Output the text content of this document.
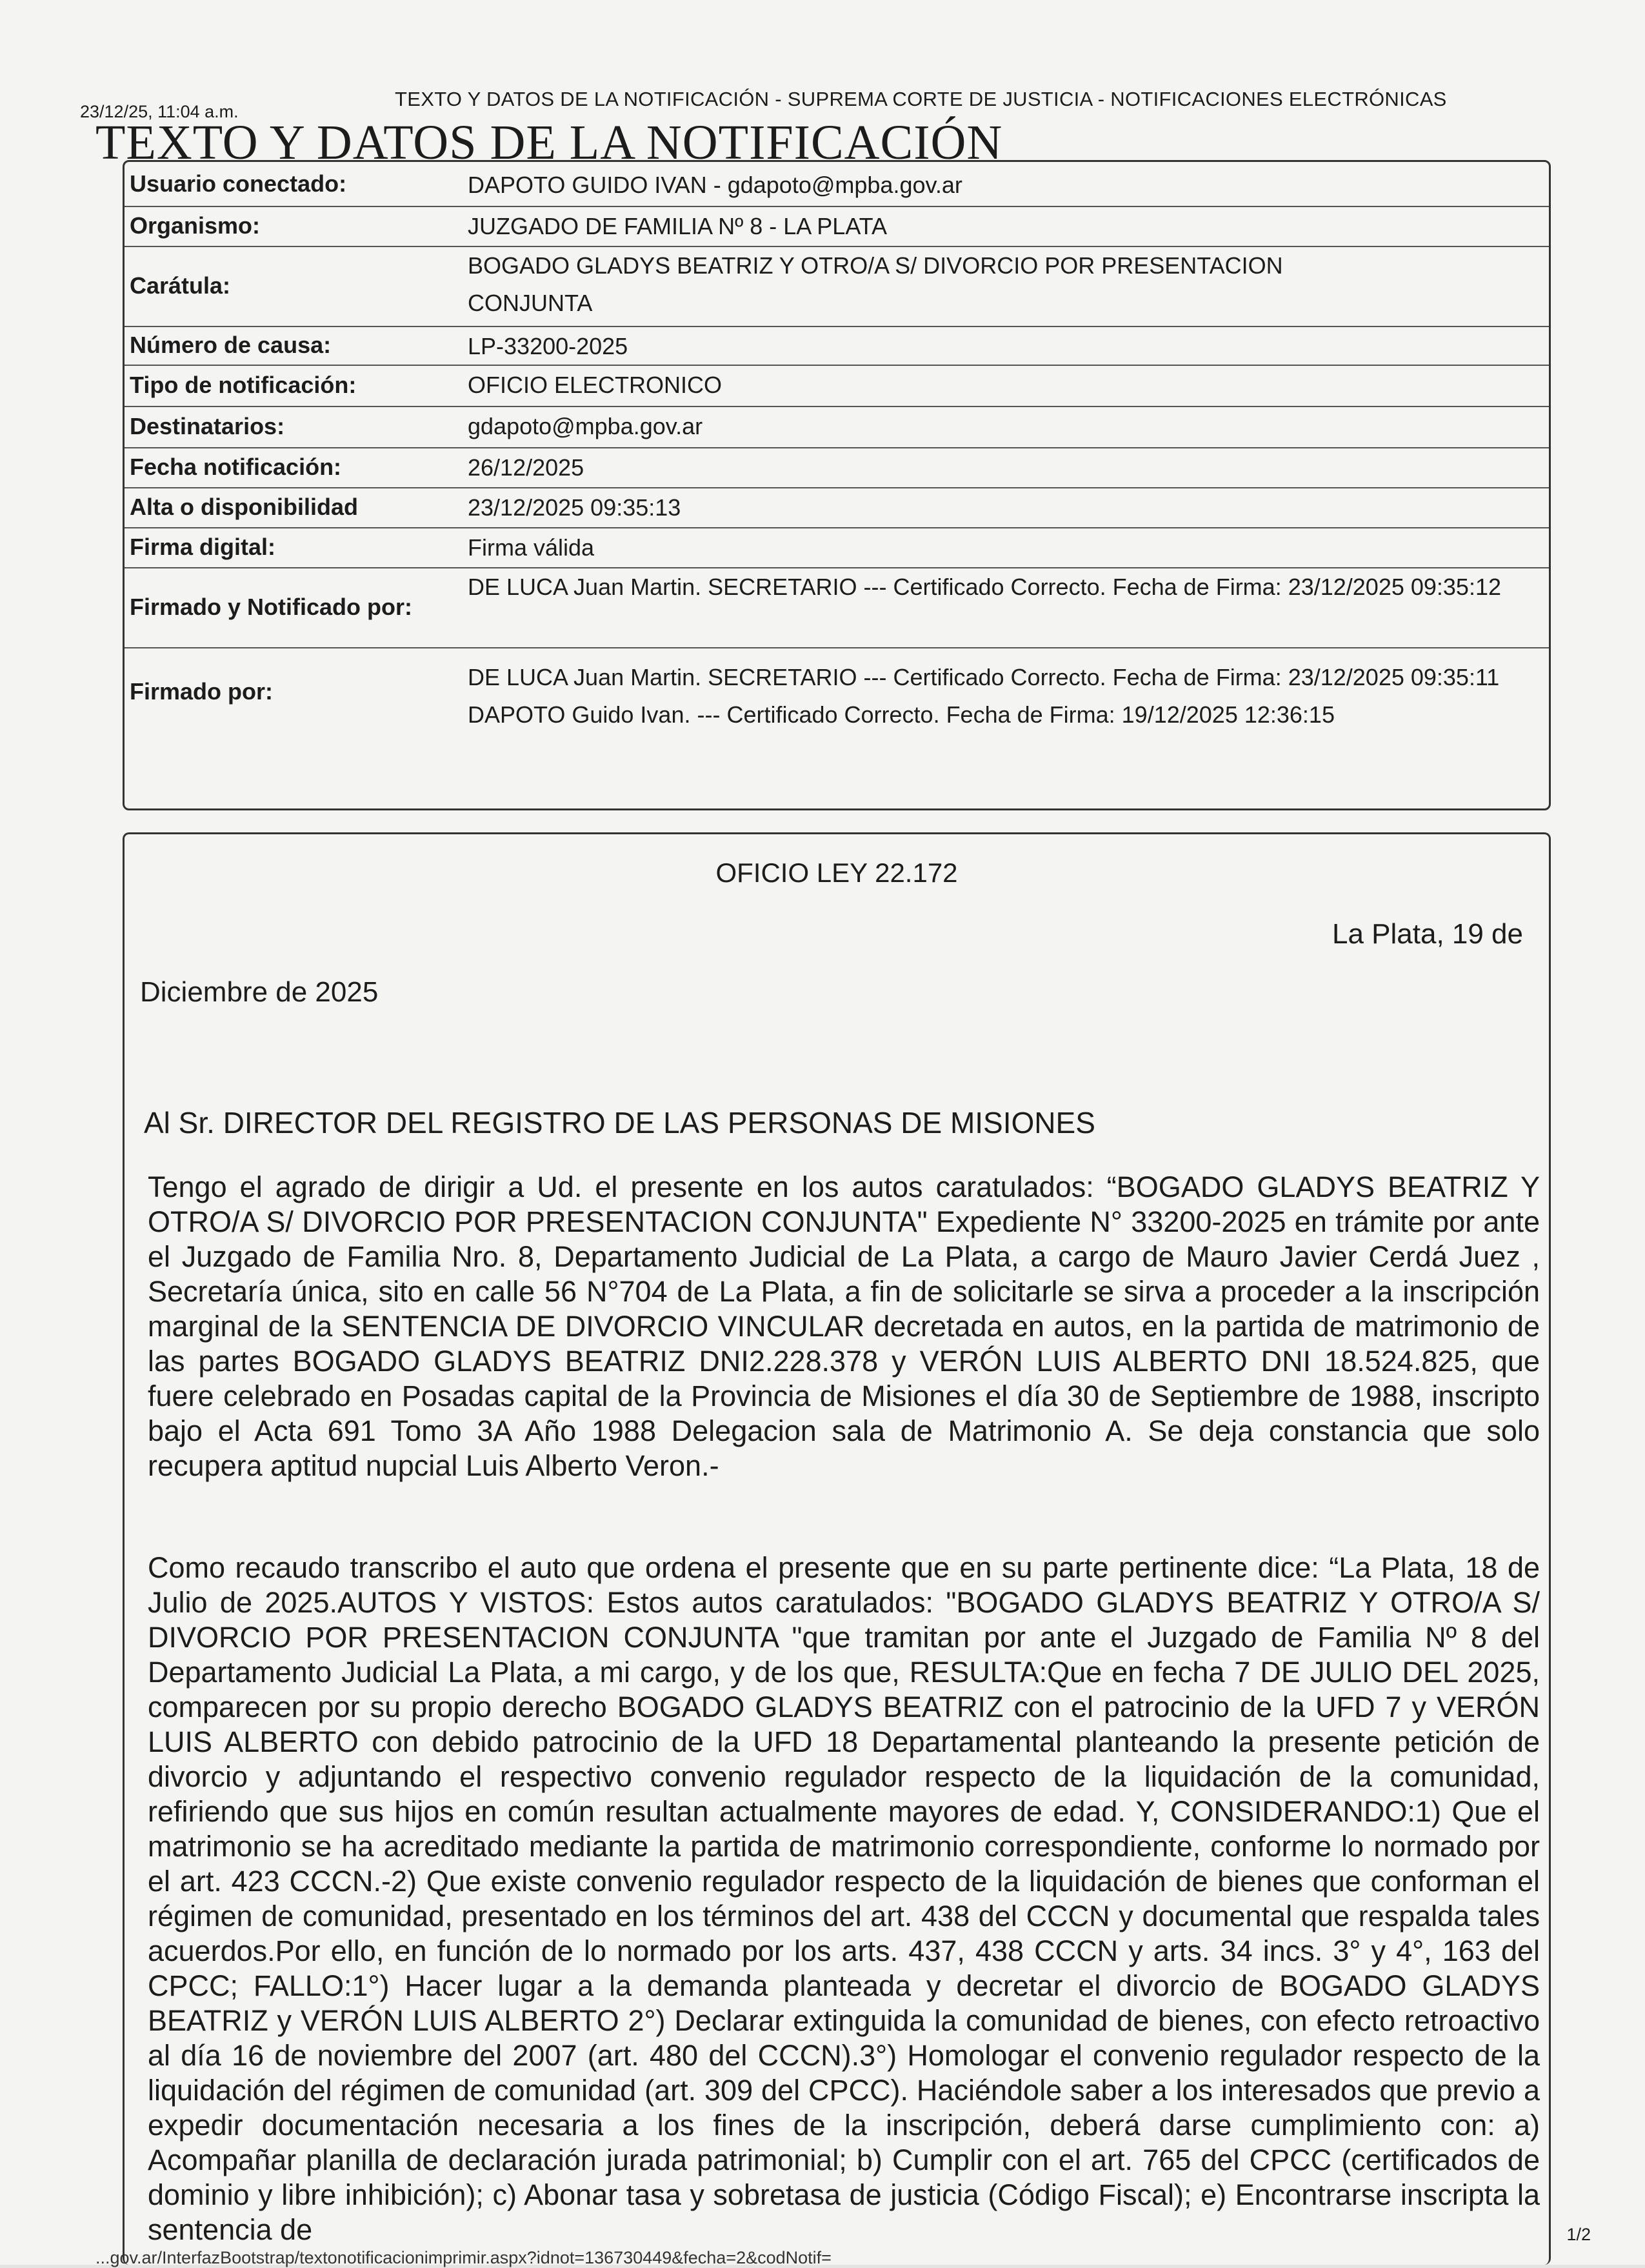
23/12/25, 11:04 a.m.
TEXTO Y DATOS DE LA NOTIFICACIÓN - SUPREMA CORTE DE JUSTICIA - NOTIFICACIONES ELECTRÓNICAS
TEXTO Y DATOS DE LA NOTIFICACIÓN
Usuario conectado:	DAPOTO GUIDO IVAN - gdapoto@mpba.gov.ar
Organismo:	JUZGADO DE FAMILIA Nº 8 - LA PLATA
Carátula:
BOGADO GLADYS BEATRIZ Y OTRO/A S/ DIVORCIO POR PRESENTACION CONJUNTA
Número de causa:	LP-33200-2025
Tipo de notificación:	OFICIO ELECTRONICO
Destinatarios:	gdapoto@mpba.gov.ar
Fecha notificación:	26/12/2025
Alta o disponibilidad	23/12/2025 09:35:13
Firma digital:	Firma válida
Firmado y Notificado por:
DE LUCA Juan Martin. SECRETARIO --- Certificado Correcto. Fecha de Firma: 23/12/2025 09:35:12
Firmado por:
DE LUCA Juan Martin. SECRETARIO --- Certificado Correcto. Fecha de Firma: 23/12/2025 09:35:11 DAPOTO Guido Ivan. --- Certificado Correcto. Fecha de Firma: 19/12/2025 12:36:15
OFICIO LEY 22.172
La Plata, 19 de
Diciembre de 2025
Al Sr. DIRECTOR DEL REGISTRO DE LAS PERSONAS DE MISIONES
Tengo el agrado de dirigir a Ud. el presente en los autos caratulados: “BOGADO GLADYS BEATRIZ Y OTRO/A S/ DIVORCIO POR PRESENTACION CONJUNTA" Expediente N° 33200-2025 en trámite por ante el Juzgado de Familia Nro. 8, Departamento Judicial de La Plata, a cargo de Mauro Javier Cerdá Juez , Secretaría única, sito en calle 56 N°704 de La Plata, a fin de solicitarle se sirva a proceder a la inscripción marginal de la SENTENCIA DE DIVORCIO VINCULAR decretada en autos, en la partida de matrimonio de las partes BOGADO GLADYS BEATRIZ DNI2.228.378 y VERÓN LUIS ALBERTO DNI 18.524.825, que fuere celebrado en Posadas capital de la Provincia de Misiones el día 30 de Septiembre de 1988, inscripto bajo el Acta 691 Tomo 3A Año 1988 Delegacion sala de Matrimonio A. Se deja constancia que solo recupera aptitud nupcial Luis Alberto Veron.-
Como recaudo transcribo el auto que ordena el presente que en su parte pertinente dice: “La Plata, 18 de Julio de 2025.AUTOS Y VISTOS: Estos autos caratulados: "BOGADO GLADYS BEATRIZ Y OTRO/A S/ DIVORCIO POR PRESENTACION CONJUNTA "que tramitan por ante el Juzgado de Familia Nº 8 del Departamento Judicial La Plata, a mi cargo, y de los que, RESULTA:Que en fecha 7 DE JULIO DEL 2025, comparecen por su propio derecho BOGADO GLADYS BEATRIZ con el patrocinio de la UFD 7 y VERÓN LUIS ALBERTO con debido patrocinio de la UFD 18 Departamental planteando la presente petición de divorcio y adjuntando el respectivo convenio regulador respecto de la liquidación de la comunidad, refiriendo que sus hijos en común resultan actualmente mayores de edad. Y, CONSIDERANDO:1) Que el matrimonio se ha acreditado mediante la partida de matrimonio correspondiente, conforme lo normado por el art. 423 CCCN.-2) Que existe convenio regulador respecto de la liquidación de bienes que conforman el régimen de comunidad, presentado en los términos del art. 438 del CCCN y documental que respalda tales acuerdos.Por ello, en función de lo normado por los arts. 437, 438 CCCN y arts. 34 incs. 3° y 4°, 163 del CPCC; FALLO:1°) Hacer lugar a la demanda planteada y decretar el divorcio de BOGADO GLADYS BEATRIZ y VERÓN LUIS ALBERTO 2°) Declarar extinguida la comunidad de bienes, con efecto retroactivo al día 16 de noviembre del 2007 (art. 480 del CCCN).3°) Homologar el convenio regulador respecto de la liquidación del régimen de comunidad (art. 309 del CPCC). Haciéndole saber a los interesados que previo a expedir documentación necesaria a los fines de la inscripción, deberá darse cumplimiento con: a) Acompañar planilla de declaración jurada patrimonial; b) Cumplir con el art. 765 del CPCC (certificados de dominio y libre inhibición); c) Abonar tasa y sobretasa de justicia (Código Fiscal); e) Encontrarse inscripta la sentencia de	1/2
...gov.ar/InterfazBootstrap/textonotificacionimprimir.aspx?idnot=136730449&fecha=2&codNotif=
